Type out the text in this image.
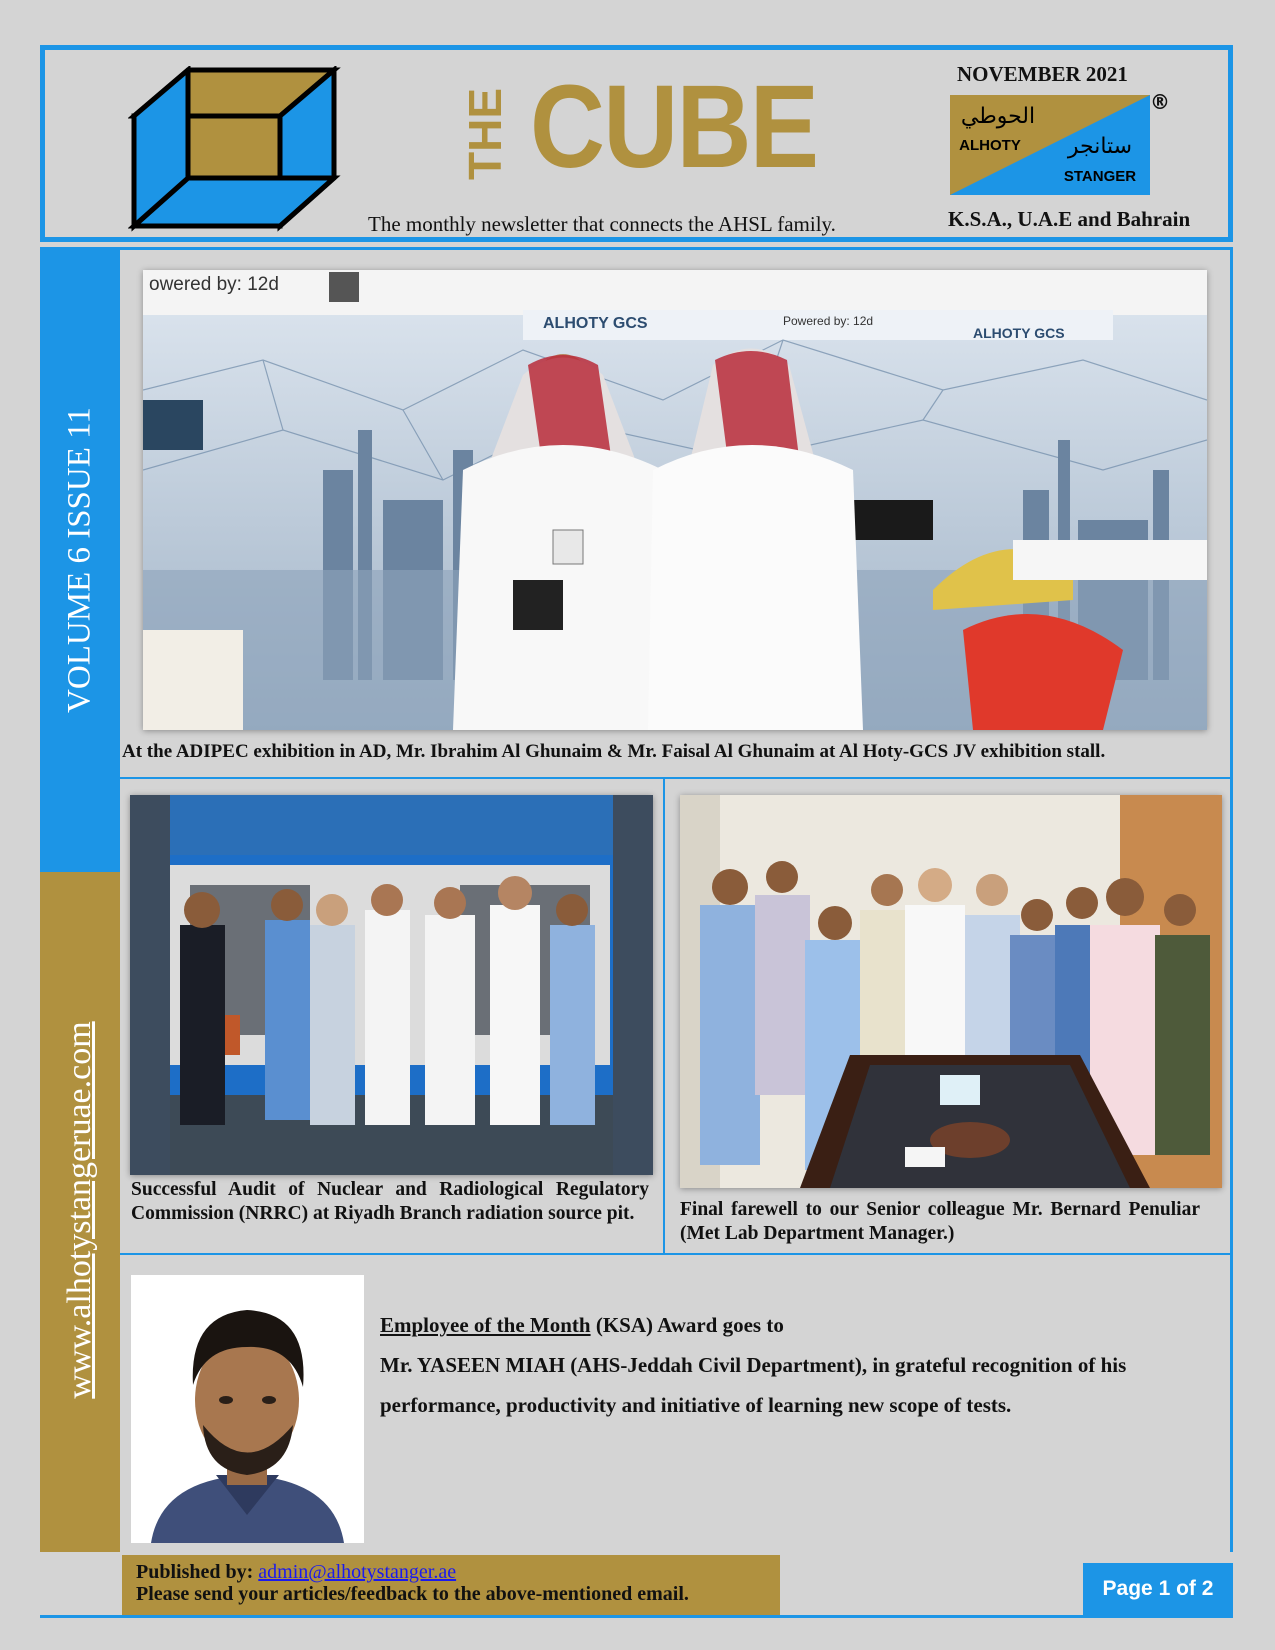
THE CUBE
The monthly newsletter that connects the AHSL family.
NOVEMBER 2021
الحوطي
ALHOTY ستانجر
STANGER
®
K.S.A., U.A.E and Bahrain
VOLUME 6 ISSUE 11
www.alhotystangeruae.com
owered by: 12d
ALHOTY GCS	Powered by: 12d
ALHOTY GCS
At the ADIPEC exhibition in AD, Mr. Ibrahim Al Ghunaim & Mr. Faisal Al Ghunaim at Al Hoty-GCS JV exhibition stall.
Successful Audit of Nuclear and Radiological Regulatory Commission (NRRC) at Riyadh Branch radiation source pit.	Final farewell to our Senior colleague Mr. Bernard Penuliar (Met Lab Department Manager.)
Employee of the Month (KSA) Award goes to
Mr. YASEEN MIAH (AHS-Jeddah Civil Department), in grateful recognition of his performance, productivity and initiative of learning new scope of tests.
Published by: admin@alhotystanger.ae
Please send your articles/feedback to the above-mentioned email.	Page 1 of 2
